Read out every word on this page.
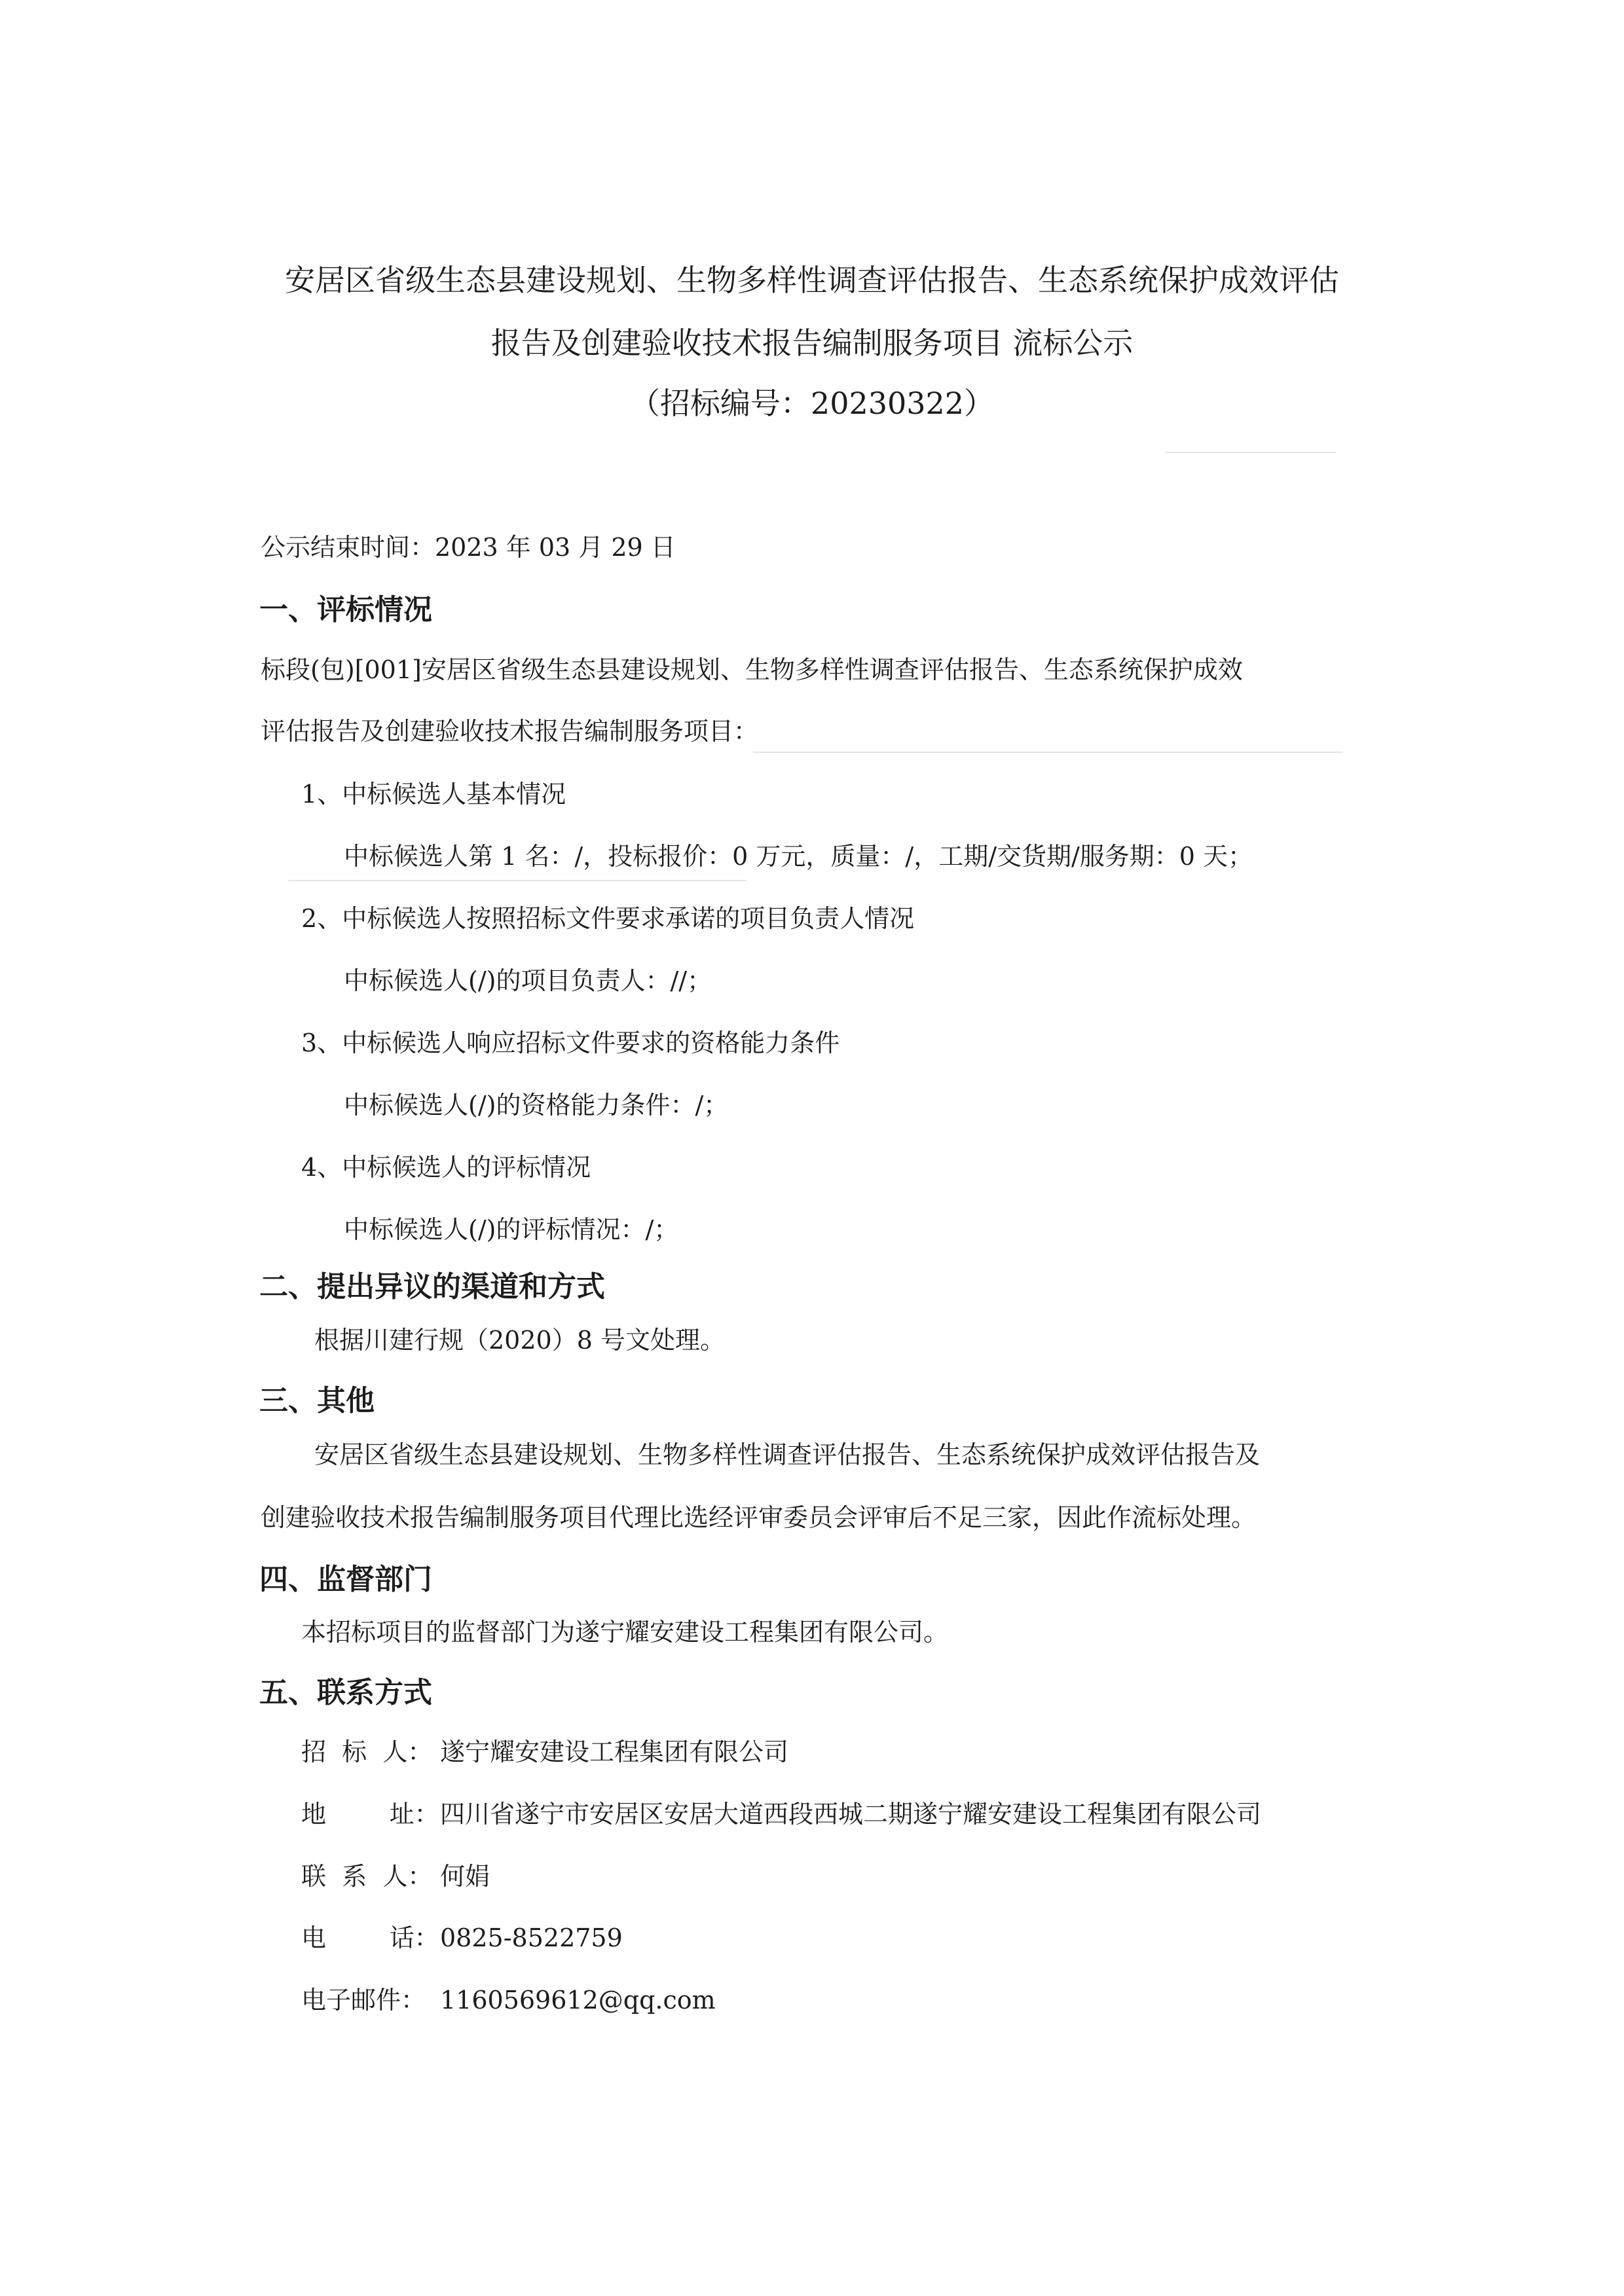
安居区省级生态县建设规划、生物多样性调查评估报告、生态系统保护成效评估
报告及创建验收技术报告编制服务项目 流标公示
（招标编号：20230322）
公示结束时间：2023 年 03 月 29 日
一、评标情况
标段(包)[001]安居区省级生态县建设规划、生物多样性调查评估报告、生态系统保护成效
评估报告及创建验收技术报告编制服务项目：
1、中标候选人基本情况
中标候选人第 1 名：/，投标报价：0 万元，质量：/，工期/交货期/服务期：0 天；
2、中标候选人按照招标文件要求承诺的项目负责人情况
中标候选人(/)的项目负责人：//；
3、中标候选人响应招标文件要求的资格能力条件
中标候选人(/)的资格能力条件：/；
4、中标候选人的评标情况
中标候选人(/)的评标情况：/；
二、提出异议的渠道和方式
根据川建行规（2020）8 号文处理。
三、其他
安居区省级生态县建设规划、生物多样性调查评估报告、生态系统保护成效评估报告及
创建验收技术报告编制服务项目代理比选经评审委员会评审后不足三家，因此作流标处理。
四、监督部门
本招标项目的监督部门为遂宁耀安建设工程集团有限公司。
五、联系方式
招  标  人： 遂宁耀安建设工程集团有限公司
地        址：四川省遂宁市安居区安居大道西段西城二期遂宁耀安建设工程集团有限公司
联  系  人： 何娟
电        话：0825-8522759
电子邮件： 1160569612@qq.com
